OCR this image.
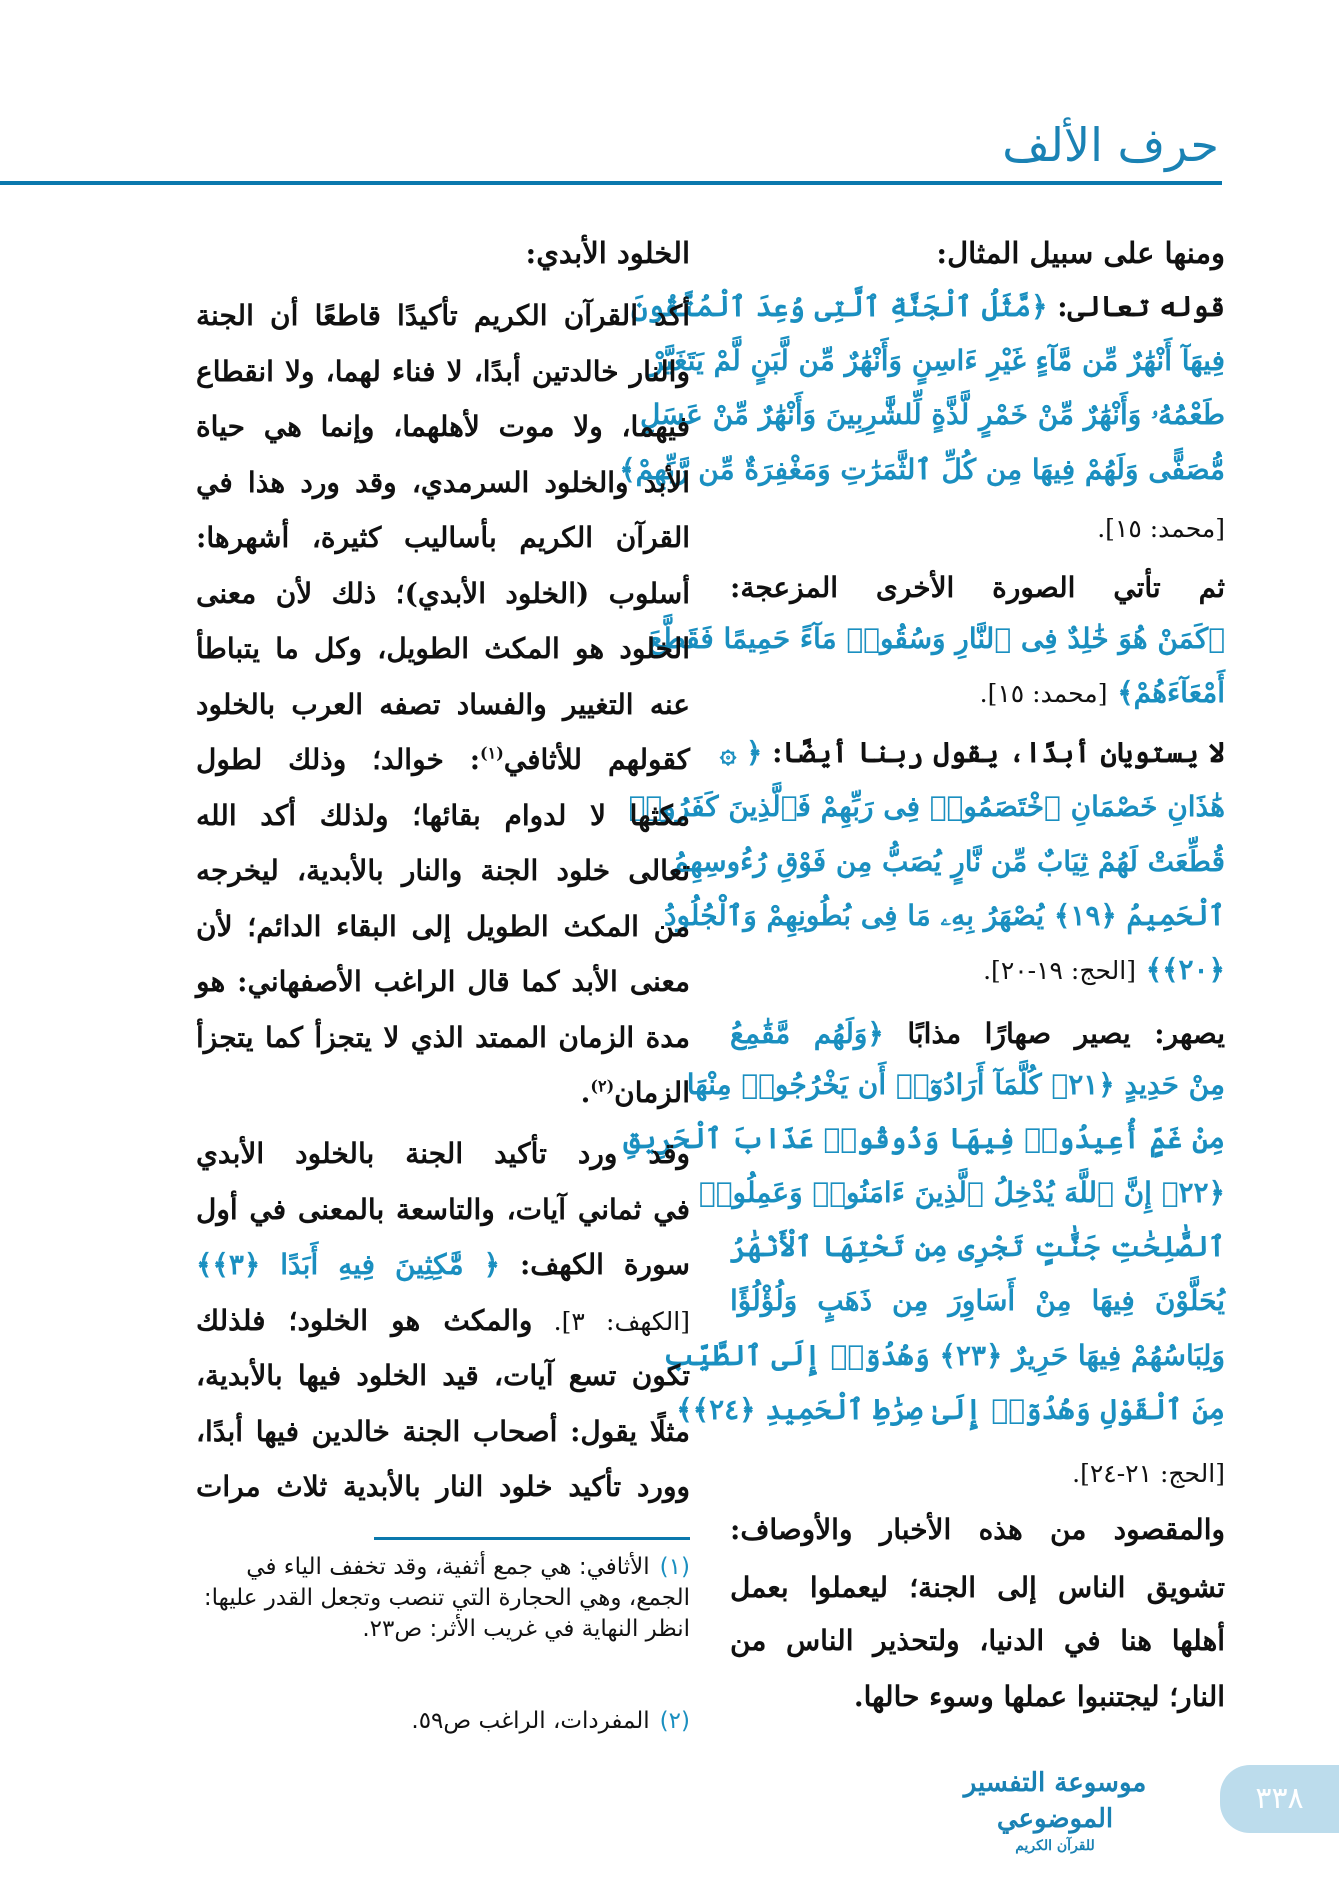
حرف الألف
ومنها على سبيل المثال:
قوله تعالى: ﴿مَّثَلُ ٱلْجَنَّةِ ٱلَّتِى وُعِدَ ٱلْمُتَّقُونَ
فِيهَآ أَنْهَٰرٌ مِّن مَّآءٍ غَيْرِ ءَاسِنٍ وَأَنْهَٰرٌ مِّن لَّبَنٍ لَّمْ يَتَغَيَّرْ
طَعْمُهُۥ وَأَنْهَٰرٌ مِّنْ خَمْرٍ لَّذَّةٍ لِّلشَّٰرِبِينَ وَأَنْهَٰرٌ مِّنْ عَسَلٍ
مُّصَفًّى وَلَهُمْ فِيهَا مِن كُلِّ ٱلثَّمَرَٰتِ وَمَغْفِرَةٌ مِّن رَّبِّهِمْ﴾
[محمد: ١٥].
ثم تأتي الصورة الأخرى المزعجة:
﴿كَمَنْ هُوَ خَٰلِدٌ فِى ٱلنَّارِ وَسُقُوا۟ مَآءً حَمِيمًا فَقَطَّعَ
أَمْعَآءَهُمْ﴾ [محمد: ١٥].
لا يستويان أبدًا، يقول ربنا أيضًا: ﴿ ۞
هَٰذَانِ خَصْمَانِ ٱخْتَصَمُوا۟ فِى رَبِّهِمْ فَٱلَّذِينَ كَفَرُوا۟
قُطِّعَتْ لَهُمْ ثِيَابٌ مِّن نَّارٍ يُصَبُّ مِن فَوْقِ رُءُوسِهِمُ
ٱلْحَمِيمُ ﴿١٩﴾ يُصْهَرُ بِهِۦ مَا فِى بُطُونِهِمْ وَٱلْجُلُودُ
﴿٢٠﴾﴾ [الحج: ١٩-٢٠].
يصهر: يصير صهارًا مذابًا ﴿وَلَهُم مَّقَٰمِعُ
مِنْ حَدِيدٍ ﴿٢١﴾ كُلَّمَآ أَرَادُوٓا۟ أَن يَخْرُجُوا۟ مِنْهَا
مِنْ غَمٍّ أُعِيدُوا۟ فِيهَا وَذُوقُوا۟ عَذَابَ ٱلْحَرِيقِ
﴿٢٢﴾ إِنَّ ٱللَّهَ يُدْخِلُ ٱلَّذِينَ ءَامَنُوا۟ وَعَمِلُوا۟
ٱلصَّٰلِحَٰتِ جَنَّٰتٍ تَجْرِى مِن تَحْتِهَا ٱلْأَنْهَٰرُ
يُحَلَّوْنَ فِيهَا مِنْ أَسَاوِرَ مِن ذَهَبٍ وَلُؤْلُؤًا
وَلِبَاسُهُمْ فِيهَا حَرِيرٌ ﴿٢٣﴾ وَهُدُوٓا۟ إِلَى ٱلطَّيِّبِ
مِنَ ٱلْقَوْلِ وَهُدُوٓا۟ إِلَىٰ صِرَٰطِ ٱلْحَمِيدِ ﴿٢٤﴾﴾
[الحج: ٢١-٢٤].
والمقصود من هذه الأخبار والأوصاف:
تشويق الناس إلى الجنة؛ ليعملوا بعمل
أهلها هنا في الدنيا، ولتحذير الناس من
النار؛ ليجتنبوا عملها وسوء حالها.
الخلود الأبدي:
أكد القرآن الكريم تأكيدًا قاطعًا أن الجنة
والنار خالدتين أبدًا، لا فناء لهما، ولا انقطاع
فيهما، ولا موت لأهلهما، وإنما هي حياة
الأبد والخلود السرمدي، وقد ورد هذا في
القرآن الكريم بأساليب كثيرة، أشهرها:
أسلوب (الخلود الأبدي)؛ ذلك لأن معنى
الخلود هو المكث الطويل، وكل ما يتباطأ
عنه التغيير والفساد تصفه العرب بالخلود
كقولهم للأثافي$^{(١)}$: خوالد؛ وذلك لطول
مكثها لا لدوام بقائها؛ ولذلك أكد الله
تعالى خلود الجنة والنار بالأبدية، ليخرجه
من المكث الطويل إلى البقاء الدائم؛ لأن
معنى الأبد كما قال الراغب الأصفهاني: هو
مدة الزمان الممتد الذي لا يتجزأ كما يتجزأ
الزمان$^{(٢)}$.
وقد ورد تأكيد الجنة بالخلود الأبدي
في ثماني آيات، والتاسعة بالمعنى في أول
سورة الكهف: ﴿ مَّٰكِثِينَ فِيهِ أَبَدًا ﴿٣﴾﴾
[الكهف: ٣]. والمكث هو الخلود؛ فلذلك
تكون تسع آيات، قيد الخلود فيها بالأبدية،
مثلًا يقول: أصحاب الجنة خالدين فيها أبدًا،
وورد تأكيد خلود النار بالأبدية ثلاث مرات
(١)الأثافي: هي جمع أثفية، وقد تخفف الياء في الجمع، وهي الحجارة التي تنصب وتجعل القدر عليها: انظر النهاية في غريب الأثر: ص٢٣.
(٢)المفردات، الراغب ص٥٩.
موسوعة التفسير الموضوعي
للقرآن الكريم
٣٣٨
